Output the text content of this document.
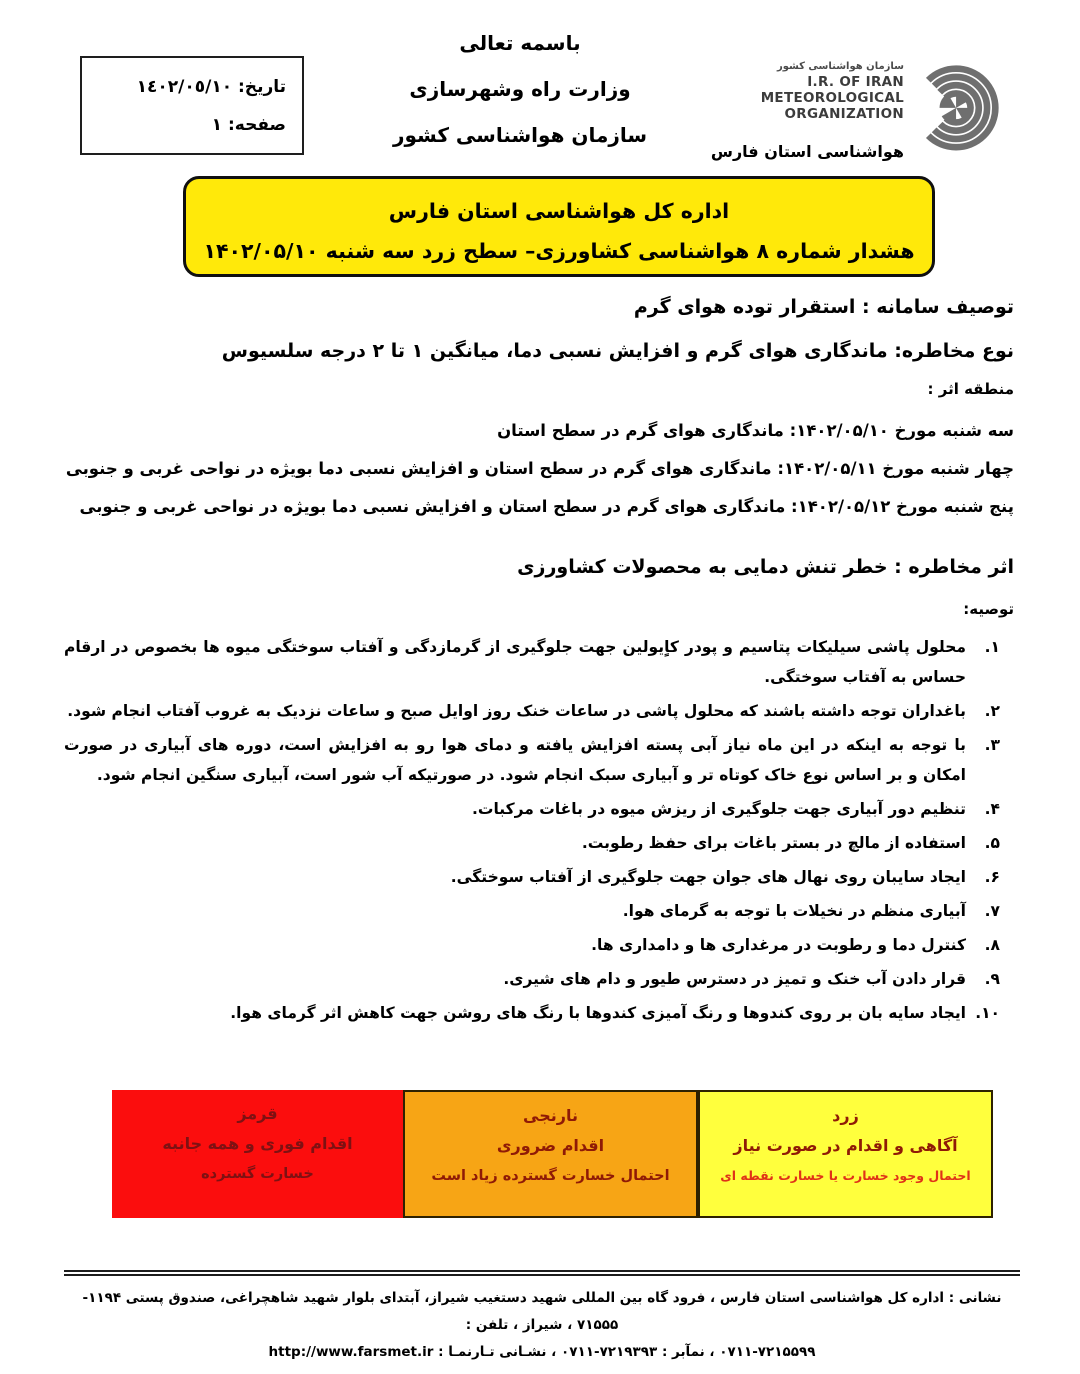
تاریخ: ١٤٠٢/٠٥/١٠
صفحه: ١
باسمه تعالی
وزارت راه وشهرسازی
سازمان هواشناسی کشور
سازمان هواشناسی کشور
I.R. OF IRAN
METEOROLOGICAL
ORGANIZATION
هواشناسی استان فارس
اداره کل هواشناسی استان فارس
هشدار شماره ۸ هواشناسی کشاورزی– سطح زرد سه شنبه ۱۴۰۲/۰۵/۱۰

توصیف سامانه : استقرار توده هوای گرم

نوع مخاطره: ماندگاری هوای گرم و افزایش نسبی دما، میانگین ۱ تا ۲ درجه سلسیوس

منطقه اثر :

سه شنبه مورخ ۱۴۰۲/۰۵/۱۰: ماندگاری هوای گرم در سطح استان

چهار شنبه مورخ ۱۴۰۲/۰۵/۱۱: ماندگاری هوای گرم در سطح استان و افزایش نسبی دما بویژه در نواحی غربی و جنوبی

پنج شنبه مورخ ۱۴۰۲/۰۵/۱۲: ماندگاری هوای گرم در سطح استان و افزایش نسبی دما بویژه در نواحی غربی و جنوبی

اثر مخاطره : خطر تنش دمایی به محصولات کشاورزی

توصیه:

۱.
محلول پاشی سیلیکات پتاسیم و پودر کاٍیولین جهت جلوگیری از گرمازدگی و آفتاب سوختگی میوه ها بخصوص در ارقام حساس به آفتاب سوختگی.
۲.
باغداران توجه داشته باشند که محلول پاشی در ساعات خنک روز اوایل صبح و ساعات نزدیک به غروب آفتاب انجام شود.
۳.
با توجه به اینکه در این ماه نیاز آبی پسته افزایش یافته و دمای هوا رو به افزایش است، دوره های آبیاری در صورت امکان و بر اساس نوع خاک کوتاه تر و آبیاری سبک انجام شود. در صورتیکه آب شور است، آبیاری سنگین انجام شود.
۴.
تنظیم دور آبیاری جهت جلوگیری از ریزش میوه در باغات مرکبات.
۵.
استفاده از مالچ در بستر باغات برای حفظ رطوبت.
۶.
ایجاد سایبان روی نهال های جوان جهت جلوگیری از آفتاب سوختگی.
۷.
آبیاری منظم در نخیلات با توجه به گرمای هوا.
۸.
کنترل دما و رطوبت در مرغداری ها و دامداری ها.
۹.
قرار دادن آب خنک و تمیز در دسترس طیور و دام های شیری.
۱۰.
ایجاد سایه بان بر روی کندوها و رنگ آمیزی کندوها با رنگ های روشن جهت کاهش اثر گرمای هوا.
قرمز
اقدام فوری و همه جانبه
خسارت گسترده
نارنجی
اقدام ضروری
احتمال خسارت گسترده زیاد است
زرد
آگاهی و اقدام در صورت نیاز
احتمال وجود خسارت یا خسارت نقطه ای
نشانی : اداره کل هواشناسی استان فارس ، فرود گاه بین المللی شهید دستغیب شیراز، آبتدای بلوار شهید شاهچراغی، صندوق پستی ۱۱۹۴- ۷۱۵۵۵ ، شیراز ، تلفن :
۰۷۱۱-۷۲۱۵۵۹۹ ، نمآبر : ۷۲۱۹۳۹۳-۰۷۱۱ ، نشـانی تـارنمـا : http://www.farsmet.ir
